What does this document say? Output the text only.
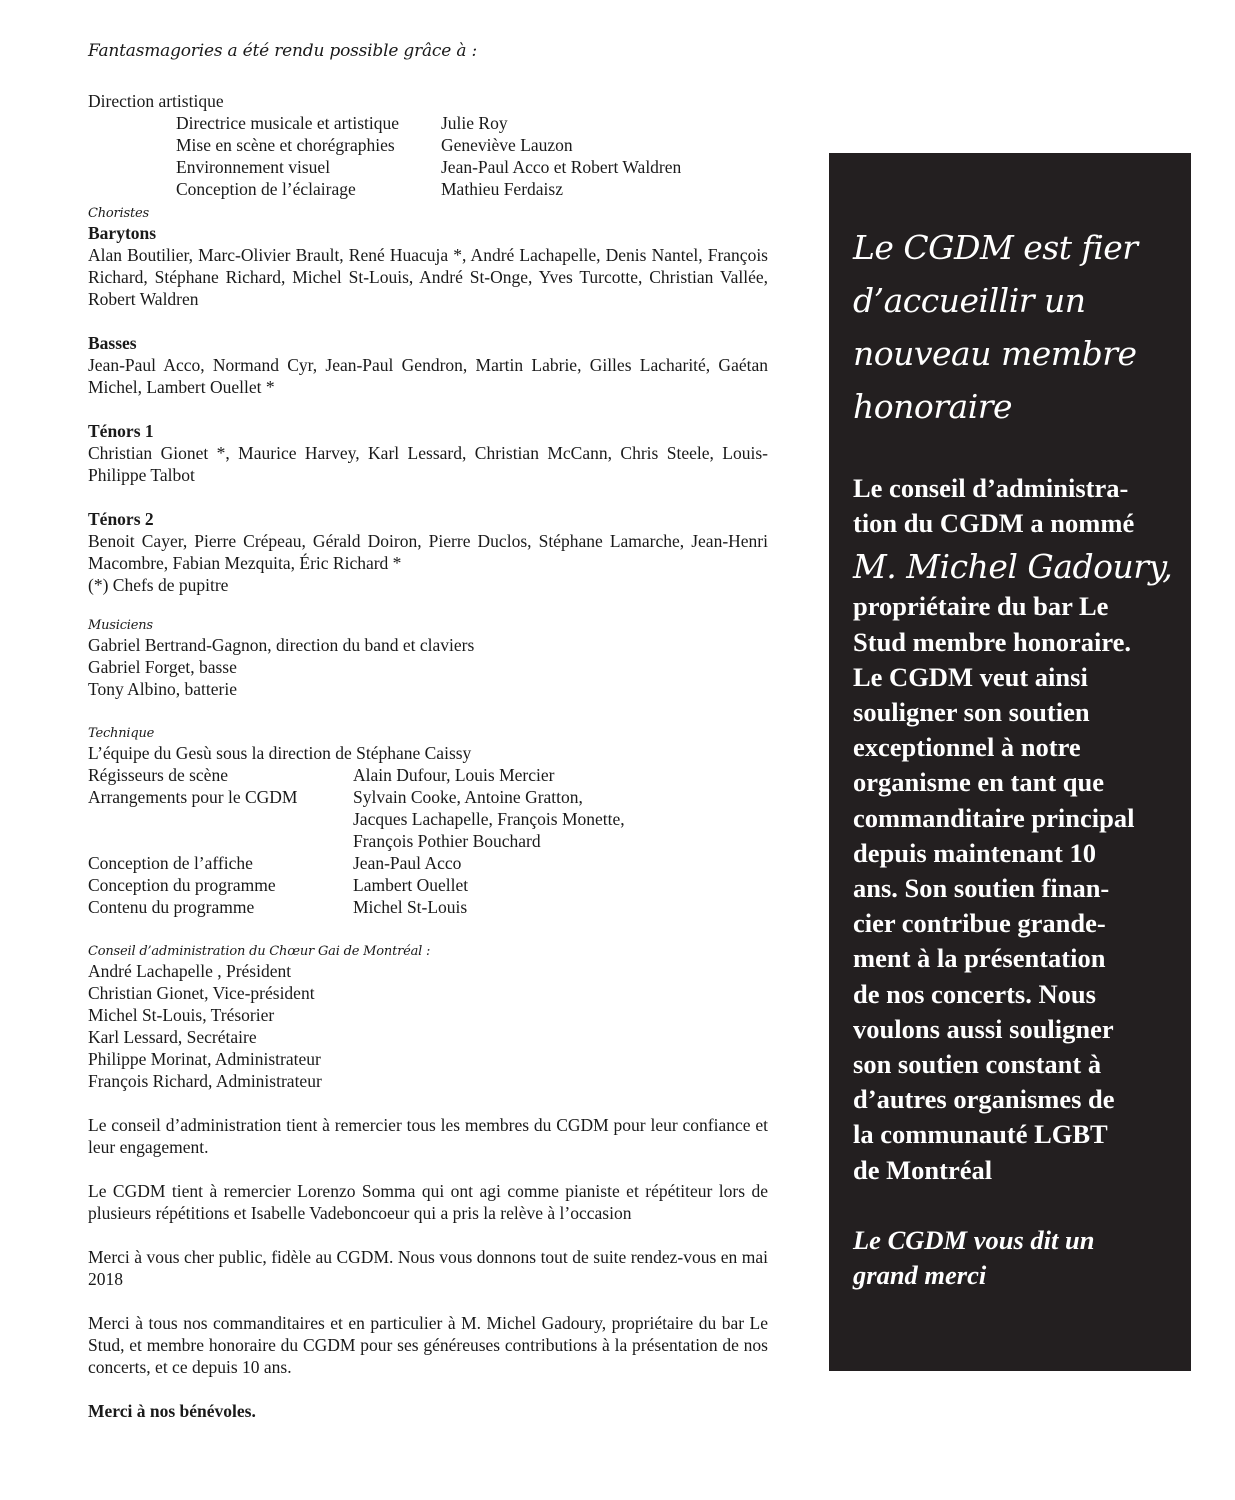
Fantasmagories a été rendu possible grâce à :

Direction artistique

Directrice musicale et artistique	Julie Roy
Mise en scène et chorégraphies	Geneviève Lauzon
Environnement visuel	Jean-Paul Acco et Robert Waldren
Conception de l’éclairage	Mathieu Ferdaisz

Choristes

Barytons

Alan Boutilier, Marc-Olivier Brault, René Huacuja *, André Lachapelle, Denis Nantel, François Richard, Stéphane Richard, Michel St-Louis, André St-Onge, Yves Turcotte, Christian Vallée, Robert Waldren

Basses

Jean-Paul Acco, Normand Cyr, Jean-Paul Gendron, Martin Labrie, Gilles Lacharité, Gaétan Michel, Lambert Ouellet *

Ténors 1

Christian Gionet *, Maurice Harvey, Karl Lessard, Christian McCann, Chris Steele, Louis-Philippe Talbot

Ténors 2

Benoit Cayer, Pierre Crépeau, Gérald Doiron, Pierre Duclos, Stéphane Lamarche, Jean-Henri Macombre, Fabian Mezquita, Éric Richard *

(*) Chefs de pupitre

Musiciens

Gabriel Bertrand-Gagnon, direction du band et claviers
Gabriel Forget, basse
Tony Albino, batterie

Technique

L’équipe du Gesù sous la direction de Stéphane Caissy

Régisseurs de scène	Alain Dufour, Louis Mercier
Arrangements pour le CGDM	Sylvain Cooke, Antoine Gratton,
Jacques Lachapelle, François Monette,
François Pothier Bouchard
Conception de l’affiche	Jean-Paul Acco
Conception du programme	Lambert Ouellet
Contenu du programme	Michel St-Louis

Conseil d’administration du Chœur Gai de Montréal :

André Lachapelle , Président
Christian Gionet, Vice-président
Michel St-Louis, Trésorier
Karl Lessard, Secrétaire
Philippe Morinat, Administrateur
François Richard, Administrateur

Le conseil d’administration tient à remercier tous les membres du CGDM pour leur confiance et leur engagement.

Le CGDM tient à remercier Lorenzo Somma qui ont agi comme pianiste et répétiteur lors de plusieurs répétitions et Isabelle Vadeboncoeur qui a pris la relève à l’occasion

Merci à vous cher public, fidèle au CGDM. Nous vous donnons tout de suite rendez-vous en mai 2018

Merci à tous nos commanditaires et en particulier à M. Michel Gadoury, propriétaire du bar Le Stud, et membre honoraire du CGDM pour ses généreuses contributions à la présentation de nos concerts, et ce depuis 10 ans.

Merci à nos bénévoles.

Le CGDM est fier

d’accueillir un

nouveau membre

honoraire

Le conseil d’administra-

tion du CGDM a nommé

M. Michel Gadoury,

propriétaire du bar Le

Stud membre honoraire.

Le CGDM veut ainsi

souligner son soutien

exceptionnel à notre

organisme en tant que

commanditaire principal

depuis maintenant 10

ans. Son soutien finan-

cier contribue grande-

ment à la présentation

de nos concerts. Nous

voulons aussi souligner

son soutien constant à

d’autres organismes de

la communauté LGBT

de Montréal

Le CGDM vous dit un

grand merci
